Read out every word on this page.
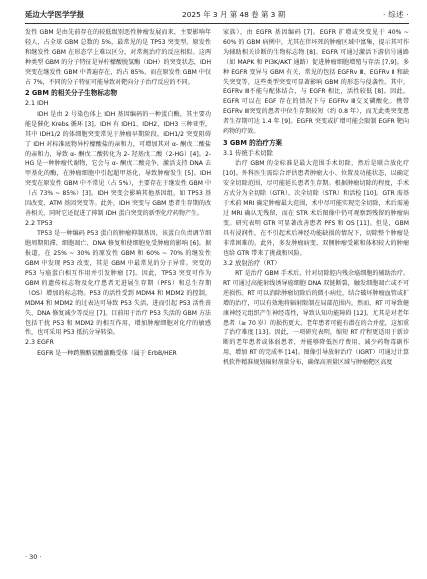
延边大学医学学报	2025 年 3 月 第 48 卷 第 3 期	· 综述 ·

发性 GBM 是由先前存在的较低级别恶性肿瘤发展而来，主要影响年轻人，占全球 GBM 总数的 5%，最常见的是 TP53 突变型。原发性和继发性 GBM 在形态学上难以区分，对常规治疗的反应相似。这两种类型 GBM 的分子特征是异柠檬酸脱氢酶（IDH）的突变状态，IDH 突变在继发性 GBM 中普遍存在，约占 85%，而在原发性 GBM 中仅占 7%，不同的分子特征可能导致对靶向分子治疗反应的不同。

2 GBM 的相关分子生物标志物
2.1 IDH

IDH 是由 2 号染色体上 IDH 基因编码的一种蛋白酶，其主要功能是催化 Krebs 循环 [3]。IDH 有 IDH1、IDH2、IDH3 三种亚型，其中 IDH1/2 的体细胞突变常见于肿瘤早期阶段。IDH1/2 突变阻碍了 IDH 对标准底物异柠檬酸盐的亲和力，可增加其对 α- 酮戊二酸盐的亲和力，导致 α- 酮戊二酸转化为 2- 羟基戊二酸（2-HG）[4]。2-HG 是一种肿瘤代谢物，它会与 α- 酮戊二酸竞争，激活支持 DNA 去甲基化的酶，在肿瘤细胞中引起超甲基化，导致肿瘤发生 [5]。IDH 突变在原发性 GBM 中不常见（占 5%），主要存在于继发性 GBM 中（占 73% ~ 85%）[3]。IDH 突变会影响其他基因组，如 TP53 基因改变、ATM 基因突变等。此外，IDH 突变与 GBM 患者生存期的改善相关，同时它还促进了抑制 IDH 蛋白突变的新型化疗药物产生。

2.2 TP53

TP53 是一种编码 P53 蛋白的肿瘤抑制基因，该蛋白负责调节细胞周期阻滞、细胞凋亡、DNA 修复和使细胞免受肿瘤的影响 [6]。据报道，在 25% ~ 30% 的原发性 GBM 和 60% ~ 70% 的继发性 GBM 中发现 P53 改变，其是 GBM 中最常见的分子异常。突变的 P53 与癌蛋白相互作用并引发肿瘤 [7]。因此，TP53 突变可作为 GBM 的遗传标志物及化疗患者无进展生存期（PFS）和总生存期（OS）增加的标志物。P53 的活性受到 MDM4 和 MDM2 的控制，MDM4 和 MDM2 的过表达可导致 P53 失活，进而引起 P53 活性丧失、DNA 修复减少等反应 [7]。目前用于治疗 P53 失活的 GBM 方法包括干扰 P53 和 MDM2 的相互作用，增加肿瘤细胞对化疗的敏感性，也可采用 P53 抵抗分导转染。

2.3 EGFR

EGFR 是一种跨膜酪氨酸激酶受体（属于 ErbB/HER

家族），由 EGFR 基因编码 [7]。EGFR 扩增或突变见于 40% ~ 60% 的 GBM 病例中，尤其在伴坏死的肿瘤区域中富集，提示其可作为辅助相关诊断的生物标志物 [8]。EGFR 可通过激活下游信号通路（如 MAPK 和 PI3K/AKT 通路）促进肿瘤细胞增殖与存活 [7,9]。多种 EGFR 变异与 GBM 有关，常见的包括 EGFRv Ⅲ、EGFRv Ⅱ 和缺失突变等，这些类型突变可显著影响 GBM 的形态与侵袭性。其中，EGFRv Ⅲ不能与配体结合，与 EGFR 相比，活性较低 [8]。因此，EGFR 可以在 EGF 存在的情况下与 EGFRv Ⅲ交叉磷酸化。携带 EGFRv Ⅲ突变的患者中位生存期较短（约 0.8 年），而无此类突变患者生存期可达 1.4 年 [9]。EGFR 突变或扩增可能会限制 EGFR 靶向药物的疗效。

3 GBM 的治疗方案
3.1 传统手术切除

治疗 GBM 的金标准是最大范围手术切除，然后是联合放化疗 [10]。外科医生需综合评估患者肿瘤大小、位置及功能状态，以确定安全切除范围，尽可能延长患者生存期。根据肿瘤切除的程度，手术方式分为全切除（GTR）、次全切除（STR）和活检 [10]。GTR 需基于术前 MRI 确定肿瘤最大范围，术中尽可能实现完全切除，术后需通过 MRI 确认无残留，而在 STR 术后图像中仍可观察到残留的肿瘤病变。研究表明 GTR 可显著改善患者 PFS 和 OS [11]。但是，GBM 具有浸润性，在不引起术后神经功能缺损的情况下，切除整个肿瘤是非常困难的。此外，多发肿瘤病变、双侧肿瘤受累和体积较大的肿瘤也给 GTR 带来了挑战和风险。

3.2 放射治疗（RT）

RT 是治疗 GBM 手术后，针对切除腔内残余癌细胞的辅助治疗。RT 可通过高能射线诱导癌细胞 DNA 双链断裂，触发细胞凋亡或不可逆损伤。RT 可以消除肿瘤切除后的微小病灶，结合破坏肿瘤血管或扩增的治疗，可以有效地将辐射限制在局部范围内。然而，RT 可导致健康神经元组织产生神经毒性，导致认知功能障碍 [12]。尤其是对老年患者（≥ 70 岁）的损伤更大，老年患者可能有潜在的合并症，这加重了治疗难度 [13]。因此，一项研究表明，缩短 RT 疗程更适用于新诊断的老年患者或体弱患者，并能够降低医疗费用、减少药物毒副作用，增加 RT 的完成率 [14]。图像引导放射治疗（IGRT）可通过计算机软件精准规划辐射剂量分布，确保高剂量区域与肿瘤靶区高度

· 30 ·
